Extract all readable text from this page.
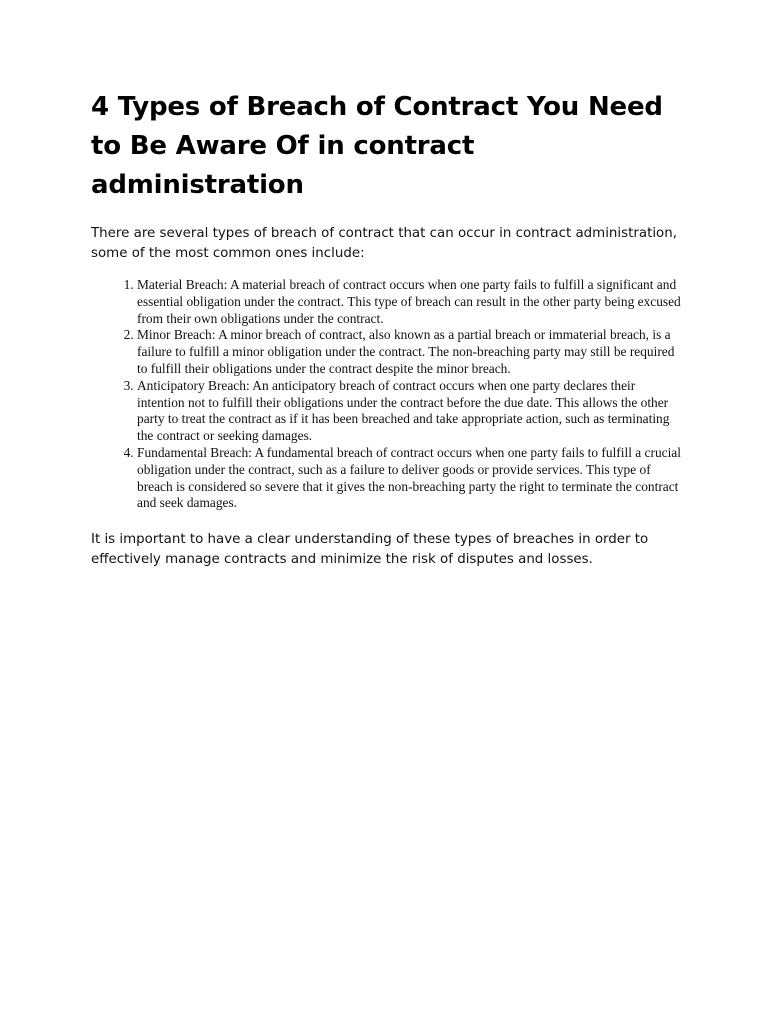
4 Types of Breach of Contract You Need to Be Aware Of in contract administration

There are several types of breach of contract that can occur in contract administration, some of the most common ones include:

1. Material Breach: A material breach of contract occurs when one party fails to fulfill a significant and essential obligation under the contract. This type of breach can result in the other party being excused from their own obligations under the contract.
2. Minor Breach: A minor breach of contract, also known as a partial breach or immaterial breach, is a failure to fulfill a minor obligation under the contract. The non-breaching party may still be required to fulfill their obligations under the contract despite the minor breach.
3. Anticipatory Breach: An anticipatory breach of contract occurs when one party declares their intention not to fulfill their obligations under the contract before the due date. This allows the other party to treat the contract as if it has been breached and take appropriate action, such as terminating the contract or seeking damages.
4. Fundamental Breach: A fundamental breach of contract occurs when one party fails to fulfill a crucial obligation under the contract, such as a failure to deliver goods or provide services. This type of breach is considered so severe that it gives the non-breaching party the right to terminate the contract and seek damages.

It is important to have a clear understanding of these types of breaches in order to effectively manage contracts and minimize the risk of disputes and losses.
